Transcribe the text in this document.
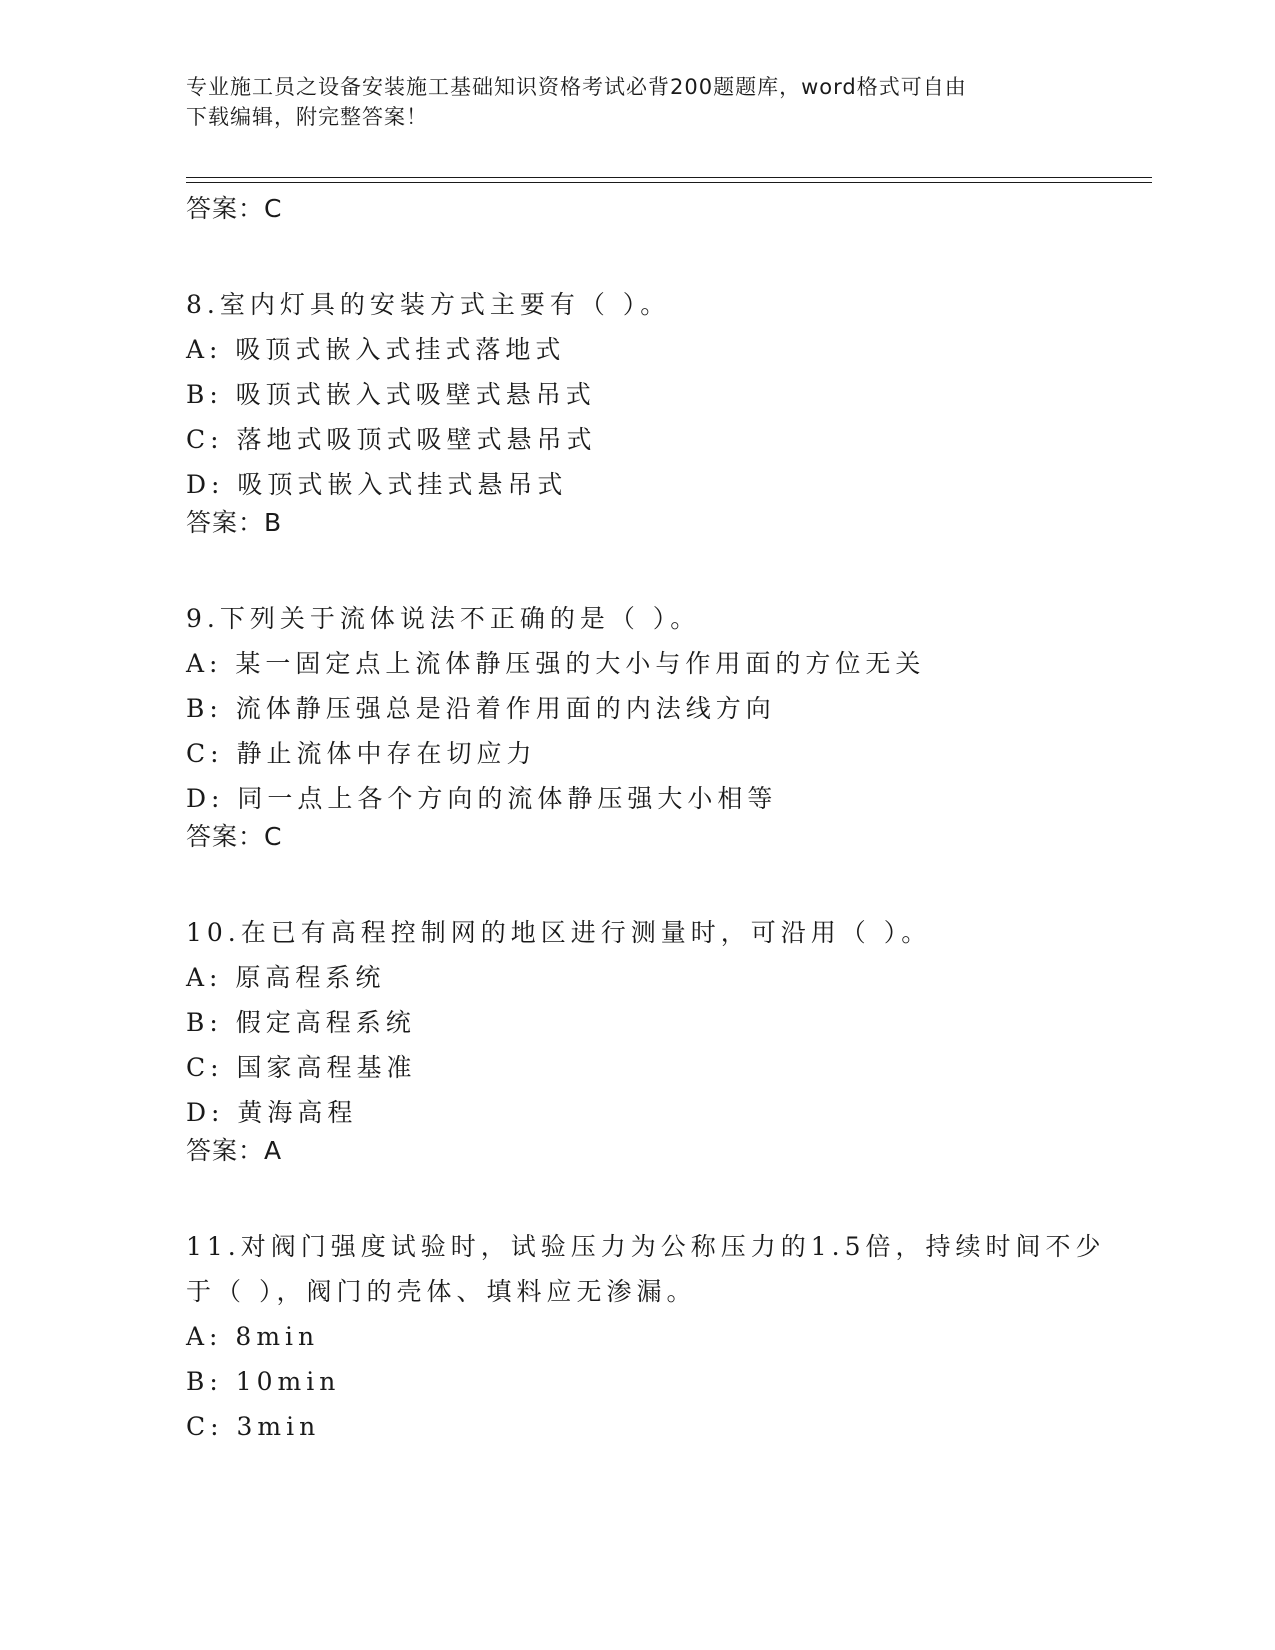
专业施工员之设备安装施工基础知识资格考试必背200题题库，word格式可自由
下载编辑，附完整答案！
答案：C
8.室内灯具的安装方式主要有（ ）。
A: 吸顶式嵌入式挂式落地式
B: 吸顶式嵌入式吸壁式悬吊式
C: 落地式吸顶式吸壁式悬吊式
D: 吸顶式嵌入式挂式悬吊式
答案：B
9.下列关于流体说法不正确的是（ ）。
A: 某一固定点上流体静压强的大小与作用面的方位无关
B: 流体静压强总是沿着作用面的内法线方向
C: 静止流体中存在切应力
D: 同一点上各个方向的流体静压强大小相等
答案：C
10.在已有高程控制网的地区进行测量时，可沿用（ ）。
A: 原高程系统
B: 假定高程系统
C: 国家高程基准
D: 黄海高程
答案：A
11.对阀门强度试验时，试验压力为公称压力的1.5倍，持续时间不少
于（ ），阀门的壳体、填料应无渗漏。
A: 8min
B: 10min
C: 3min
